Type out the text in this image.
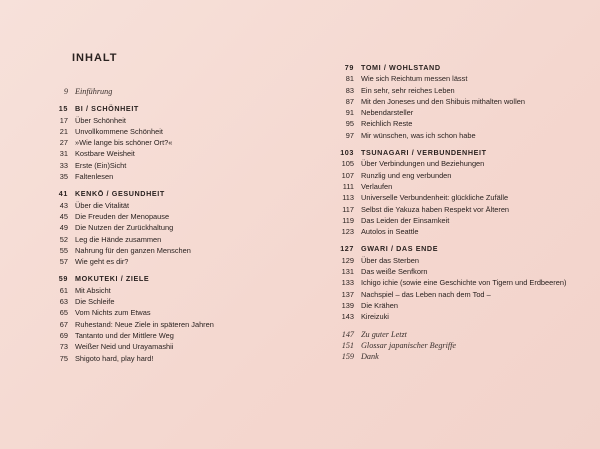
INHALT
9 Einführung
15 BI / SCHÖNHEIT
17 Über Schönheit
21 Unvollkommene Schönheit
27 »Wie lange bis schöner Ort?«
31 Kostbare Weisheit
33 Erste (Ein)Sicht
35 Faltenlesen
41 KENKŌ / GESUNDHEIT
43 Über die Vitalität
45 Die Freuden der Menopause
49 Die Nutzen der Zurückhaltung
52 Leg die Hände zusammen
55 Nahrung für den ganzen Menschen
57 Wie geht es dir?
59 MOKUTEKI / ZIELE
61 Mit Absicht
63 Die Schleife
65 Vom Nichts zum Etwas
67 Ruhestand: Neue Ziele in späteren Jahren
69 Tantanto und der Mittlere Weg
73 Weißer Neid und Urayamashii
75 Shigoto hard, play hard!
79 TOMI / WOHLSTAND
81 Wie sich Reichtum messen lässt
83 Ein sehr, sehr reiches Leben
87 Mit den Joneses und den Shibuis mithalten wollen
91 Nebendarsteller
95 Reichlich Reste
97 Mir wünschen, was ich schon habe
103 TSUNAGARI / VERBUNDENHEIT
105 Über Verbindungen und Beziehungen
107 Runzlig und eng verbunden
111 Verlaufen
113 Universelle Verbundenheit: glückliche Zufälle
117 Selbst die Yakuza haben Respekt vor Älteren
119 Das Leiden der Einsamkeit
123 Autolos in Seattle
127 GWARI / DAS ENDE
129 Über das Sterben
131 Das weiße Senfkorn
133 Ichigo ichie (sowie eine Geschichte von Tigern und Erdbeeren)
137 Nachspiel – das Leben nach dem Tod –
139 Die Krähen
143 Kireizuki
147 Zu guter Letzt
151 Glossar japanischer Begriffe
159 Dank
